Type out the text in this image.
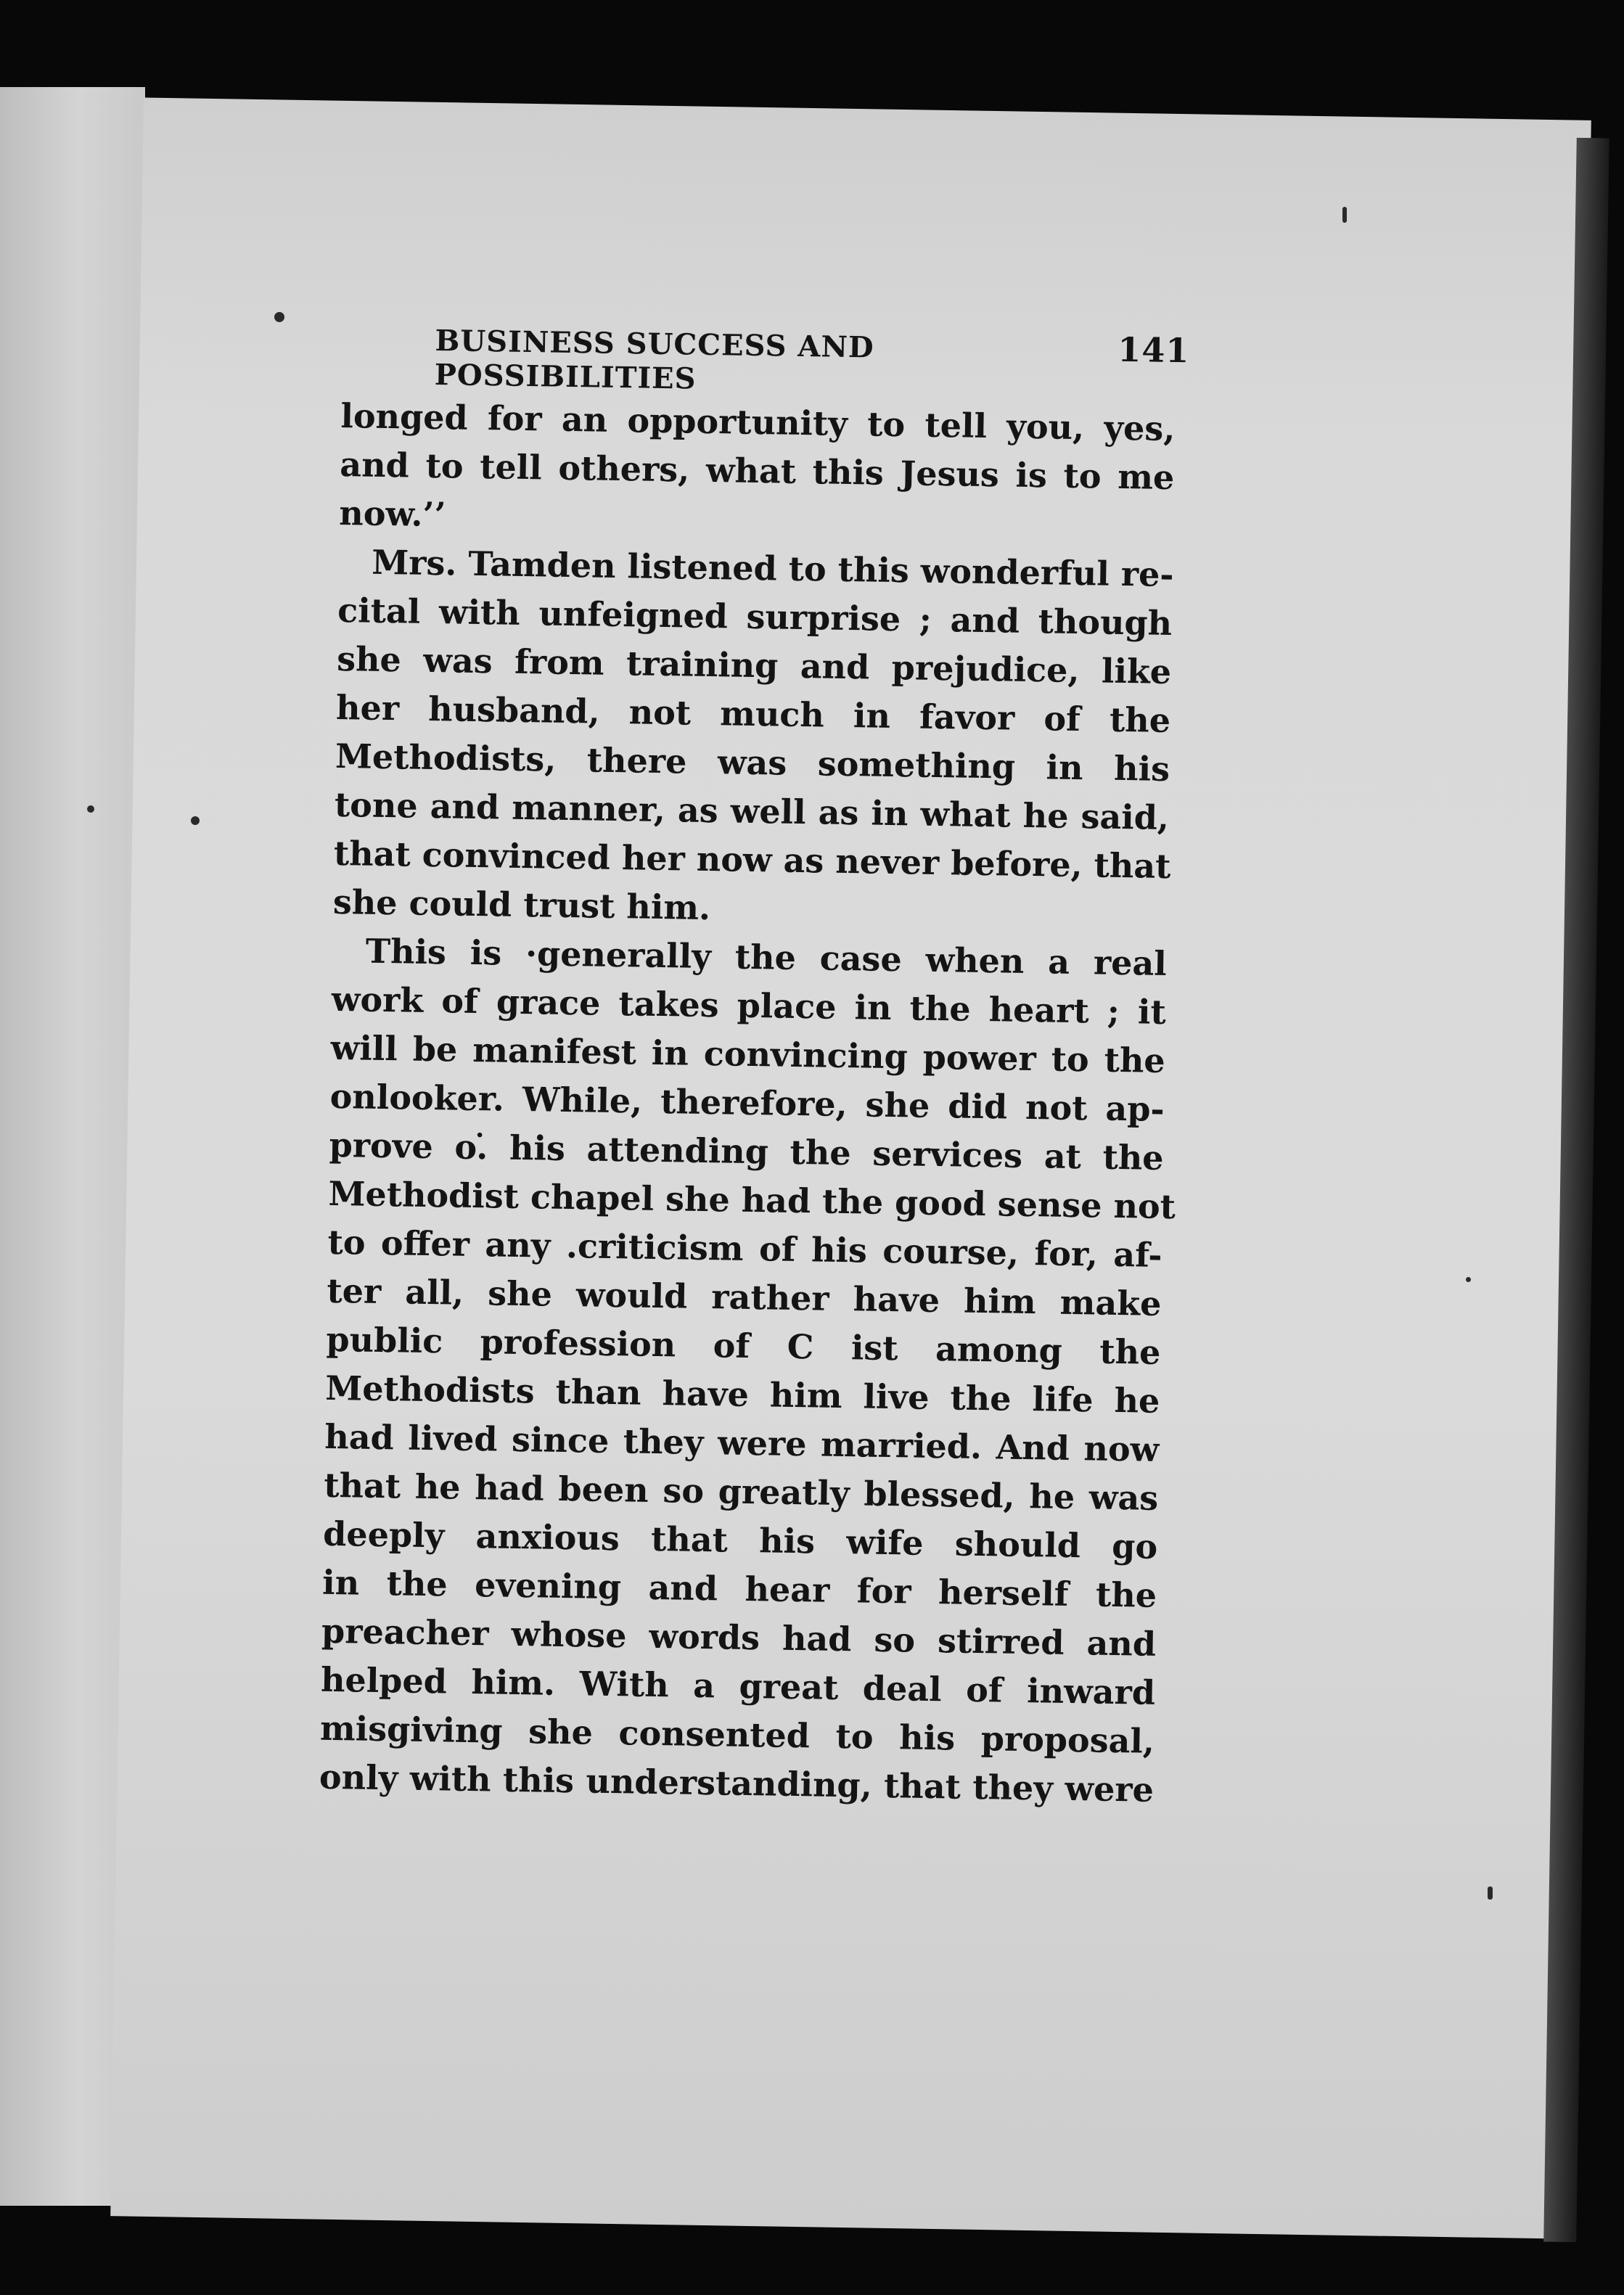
BUSINESS SUCCESS AND POSSIBILITIES
141
longed for an opportunity to tell you, yes,
and to tell others, what this Jesus is to me
now.’’
Mrs. Tamden listened to this wonderful re-
cital with unfeigned surprise ; and though
she was from training and prejudice, like
her husband, not much in favor of the
Methodists, there was something in his
tone and manner, as well as in what he said,
that convinced her now as never before, that
she could trust him.
This is ·generally the case when a real
work of grace takes place in the heart ; it
will be manifest in convincing power to the
onlooker. While, therefore, she did not ap-
prove o.̇ his attending the services at the
Methodist chapel she had the good sense not
to offer any .criticism of his course, for, af-
ter all, she would rather have him make
public profession of C ist among the
Methodists than have him live the life he
had lived since they were married. And now
that he had been so greatly blessed, he was
deeply anxious that his wife should go
in the evening and hear for herself the
preacher whose words had so stirred and
helped him. With a great deal of inward
misgiving she consented to his proposal,
only with this understanding, that they were
